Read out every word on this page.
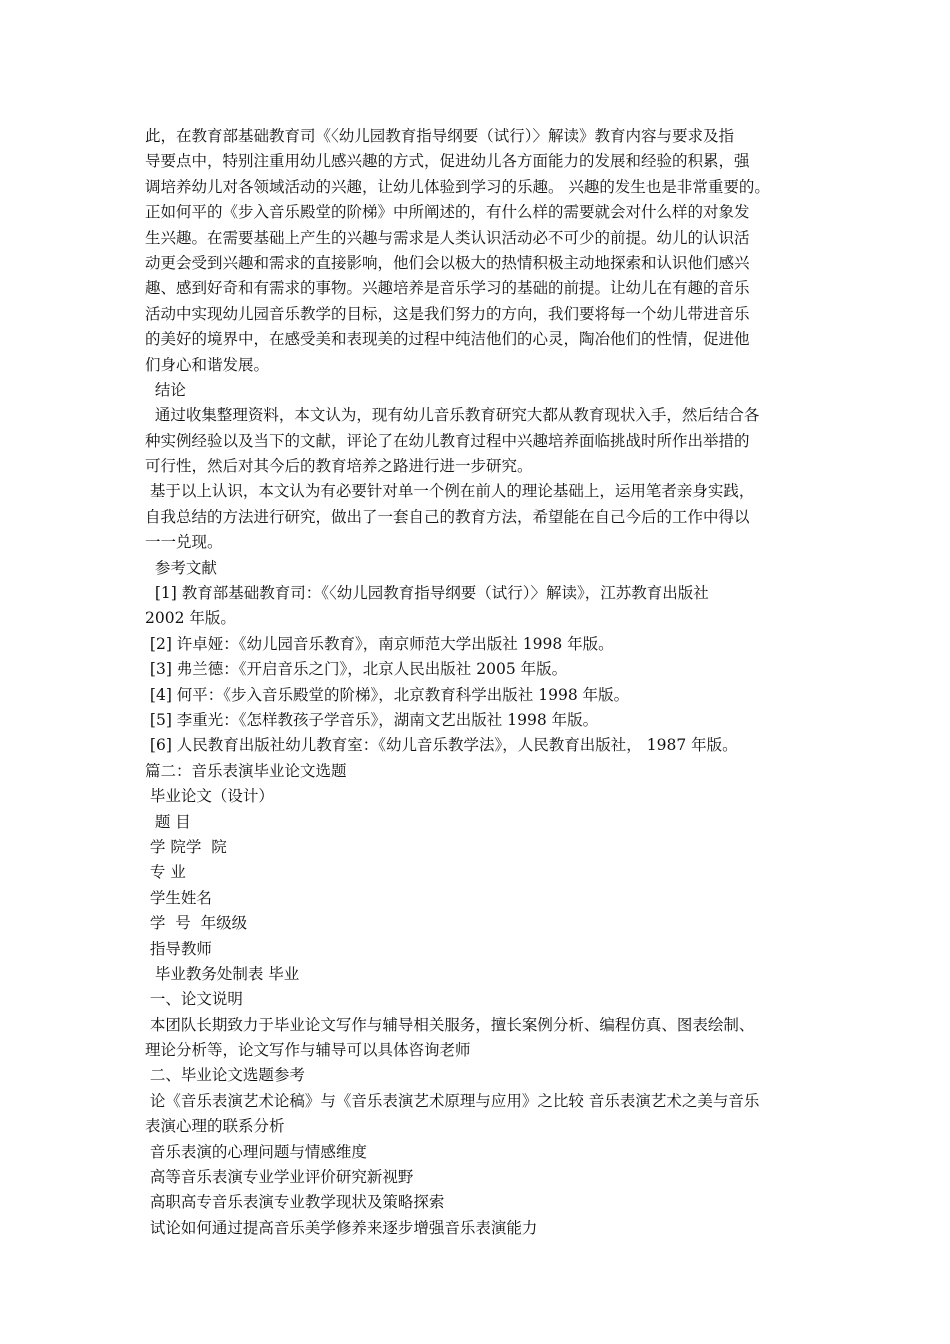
此，在教育部基础教育司《〈幼儿园教育指导纲要（试行）〉解读》教育内容与要求及指
导要点中，特别注重用幼儿感兴趣的方式，促进幼儿各方面能力的发展和经验的积累，强
调培养幼儿对各领域活动的兴趣，让幼儿体验到学习的乐趣。 兴趣的发生也是非常重要的。
正如何平的《步入音乐殿堂的阶梯》中所阐述的，有什么样的需要就会对什么样的对象发
生兴趣。在需要基础上产生的兴趣与需求是人类认识活动必不可少的前提。幼儿的认识活
动更会受到兴趣和需求的直接影响，他们会以极大的热情积极主动地探索和认识他们感兴
趣、感到好奇和有需求的事物。兴趣培养是音乐学习的基础的前提。让幼儿在有趣的音乐
活动中实现幼儿园音乐教学的目标，这是我们努力的方向，我们要将每一个幼儿带进音乐
的美好的境界中，在感受美和表现美的过程中纯洁他们的心灵，陶冶他们的性情，促进他
们身心和谐发展。
结论
通过收集整理资料，本文认为，现有幼儿音乐教育研究大都从教育现状入手，然后结合各
种实例经验以及当下的文献，评论了在幼儿教育过程中兴趣培养面临挑战时所作出举措的
可行性，然后对其今后的教育培养之路进行进一步研究。
基于以上认识，本文认为有必要针对单一个例在前人的理论基础上，运用笔者亲身实践，
自我总结的方法进行研究，做出了一套自己的教育方法，希望能在自己今后的工作中得以
一一兑现。
参考文献
[1] 教育部基础教育司：《〈幼儿园教育指导纲要（试行）〉解读》，江苏教育出版社
2002 年版。
[2] 许卓娅：《幼儿园音乐教育》，南京师范大学出版社 1998 年版。
[3] 弗兰德：《开启音乐之门》，北京人民出版社 2005 年版。
[4] 何平：《步入音乐殿堂的阶梯》，北京教育科学出版社 1998 年版。
[5] 李重光：《怎样教孩子学音乐》，湖南文艺出版社 1998 年版。
[6] 人民教育出版社幼儿教育室：《幼儿音乐教学法》，人民教育出版社， 1987 年版。
篇二：音乐表演毕业论文选题
毕业论文（设计）
题 目
学 院学  院
专 业
学生姓名
学  号  年级级
指导教师
毕业教务处制表 毕业
一、论文说明
本团队长期致力于毕业论文写作与辅导相关服务，擅长案例分析、编程仿真、图表绘制、
理论分析等，论文写作与辅导可以具体咨询老师
二、毕业论文选题参考
论《音乐表演艺术论稿》与《音乐表演艺术原理与应用》之比较 音乐表演艺术之美与音乐
表演心理的联系分析
音乐表演的心理问题与情感维度
高等音乐表演专业学业评价研究新视野
高职高专音乐表演专业教学现状及策略探索
试论如何通过提高音乐美学修养来逐步增强音乐表演能力
